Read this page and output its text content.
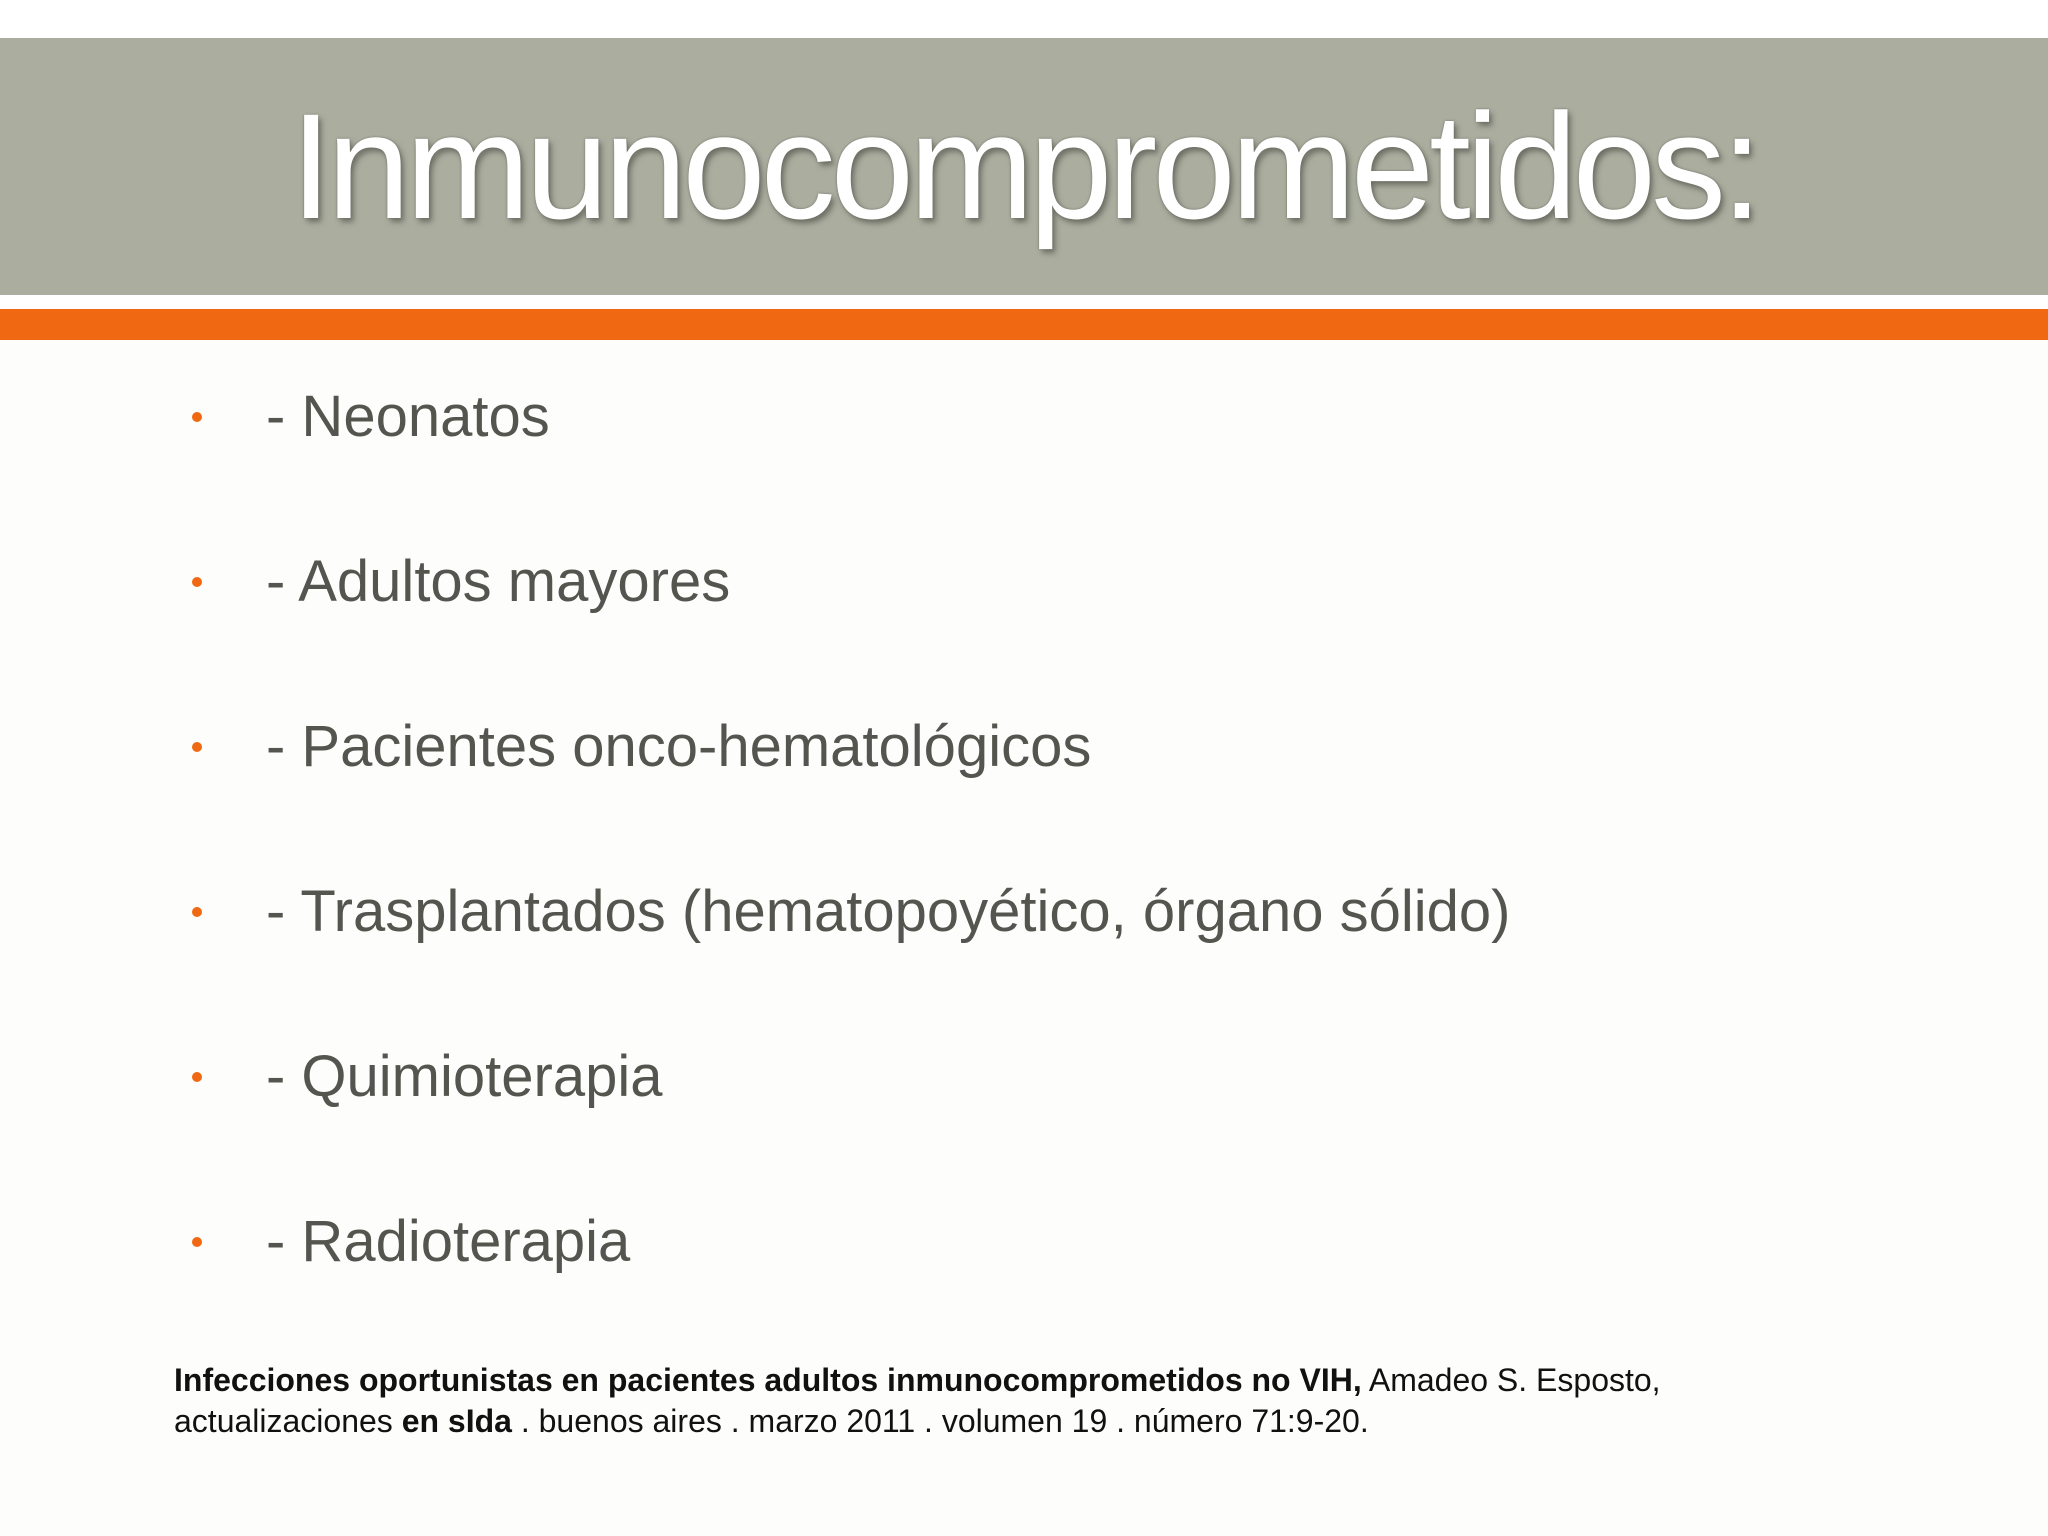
Inmunocomprometidos:
- Neonatos
- Adultos mayores
- Pacientes onco-hematológicos
- Trasplantados (hematopoyético, órgano sólido)
- Quimioterapia
- Radioterapia
Infecciones oportunistas en pacientes adultos inmunocomprometidos no VIH, Amadeo S. Esposto,
actualizaciones en sIda . buenos aires . marzo 2011 . volumen 19 . número 71:9-20.
